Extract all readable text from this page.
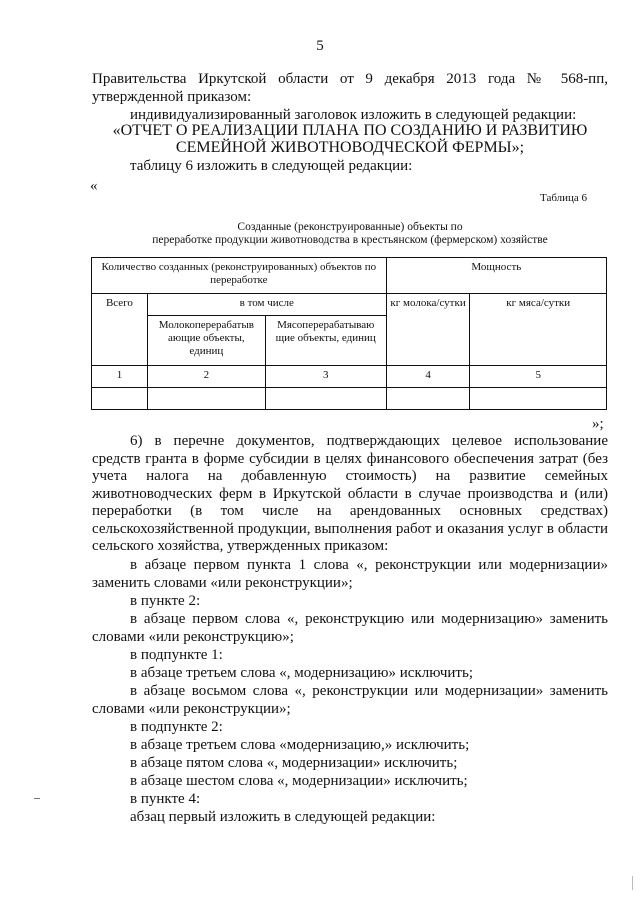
5
Правительства Иркутской области от 9 декабря 2013 года № 568-пп,
утвержденной приказом:
индивидуализированный заголовок изложить в следующей редакции:
«ОТЧЕТ О РЕАЛИЗАЦИИ ПЛАНА ПО СОЗДАНИЮ И РАЗВИТИЮ
СЕМЕЙНОЙ ЖИВОТНОВОДЧЕСКОЙ ФЕРМЫ»;
таблицу 6 изложить в следующей редакции:
«
Таблица 6
Созданные (реконструированные) объекты по
переработке продукции животноводства в крестьянском (фермерском) хозяйстве
Количество созданных (реконструированных) объектов по переработке			Мощность	
Всего	в том числе		кг молока/сутки	кг мяса/сутки
	Молокоперерабатыв ающие объекты, единиц	Мясоперерабатываю щие объекты, единиц		
1	2	3	4	5

»;
6) в перечне документов, подтверждающих целевое использование средств гранта в форме субсидии в целях финансового обеспечения затрат (без учета налога на добавленную стоимость) на развитие семейных животноводческих ферм в Иркутской области в случае производства и (или) переработки (в том числе на арендованных основных средствах) сельскохозяйственной продукции, выполнения работ и оказания услуг в области сельского хозяйства, утвержденных приказом:
в абзаце первом пункта 1 слова «, реконструкции или модернизации»
заменить словами «или реконструкции»;
в пункте 2:
в абзаце первом слова «, реконструкцию или модернизацию» заменить
словами «или реконструкцию»;
в подпункте 1:
в абзаце третьем слова «, модернизацию» исключить;
в абзаце восьмом слова «, реконструкции или модернизации» заменить
словами «или реконструкции»;
в подпункте 2:
в абзаце третьем слова «модернизацию,» исключить;
в абзаце пятом слова «, модернизации» исключить;
в абзаце шестом слова «, модернизации» исключить;
в пункте 4:
абзац первый изложить в следующей редакции:
